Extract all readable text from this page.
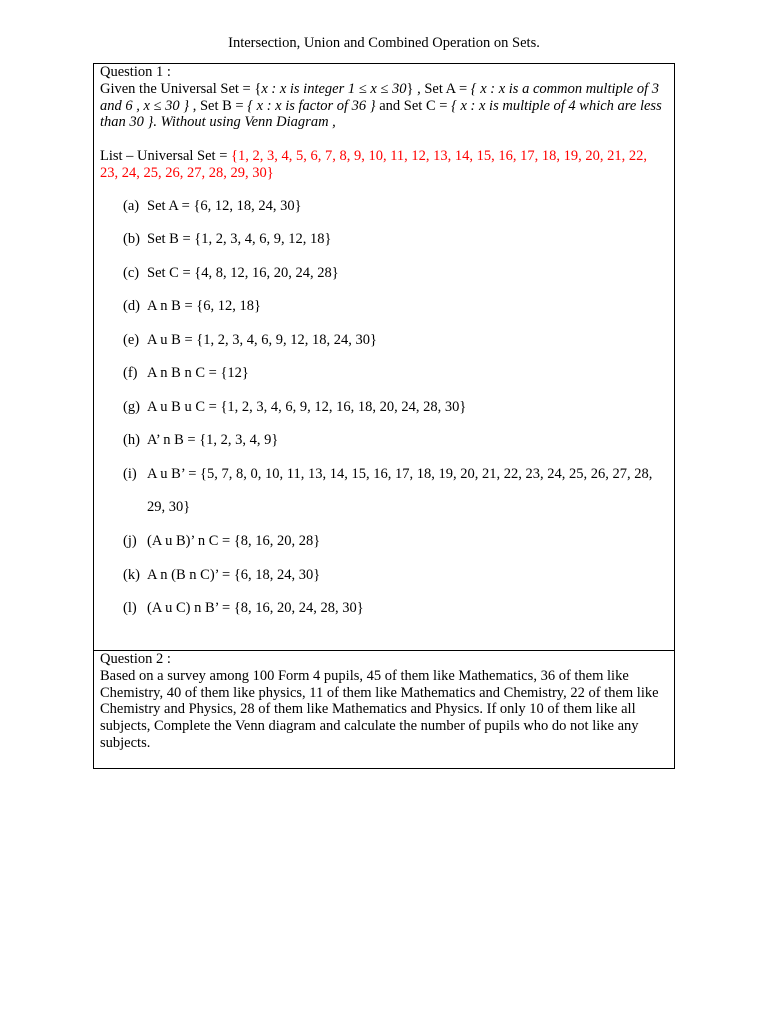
Intersection, Union and Combined Operation on Sets.
Question 1 :
Given the Universal Set = {x : x is integer 1 ≤ x ≤ 30} , Set A = { x : x is a common multiple of 3 and 6 , x ≤ 30 } , Set B = { x : x is factor of 36 } and Set C = { x : x is multiple of 4 which are less than 30 }. Without using Venn Diagram ,
List – Universal Set = {1, 2, 3, 4, 5, 6, 7, 8, 9, 10, 11, 12, 13, 14, 15, 16, 17, 18, 19, 20, 21, 22, 23, 24, 25, 26, 27, 28, 29, 30}
(a) Set A = {6, 12, 18, 24, 30}
(b) Set B = {1, 2, 3, 4, 6, 9, 12, 18}
(c) Set C = {4, 8, 12, 16, 20, 24, 28}
(d) A n B = {6, 12, 18}
(e) A u B = {1, 2, 3, 4, 6, 9, 12, 18, 24, 30}
(f) A n B n C = {12}
(g) A u B u C = {1, 2, 3, 4, 6, 9, 12, 16, 18, 20, 24, 28, 30}
(h) A’ n B = {1, 2, 3, 4, 9}
(i) A u B’ = {5, 7, 8, 0, 10, 11, 13, 14, 15, 16, 17, 18, 19, 20, 21, 22, 23, 24, 25, 26, 27, 28, 29, 30}
(j) (A u B)’ n C = {8, 16, 20, 28}
(k) A n (B n C)’ = {6, 18, 24, 30}
(l) (A u C) n B’ = {8, 16, 20, 24, 28, 30}
Question 2 :
Based on a survey among 100 Form 4 pupils, 45 of them like Mathematics, 36 of them like Chemistry, 40 of them like physics, 11 of them like Mathematics and Chemistry, 22 of them like Chemistry and Physics, 28 of them like Mathematics and Physics. If only 10 of them like all subjects, Complete the Venn diagram and calculate the number of pupils who do not like any subjects.
